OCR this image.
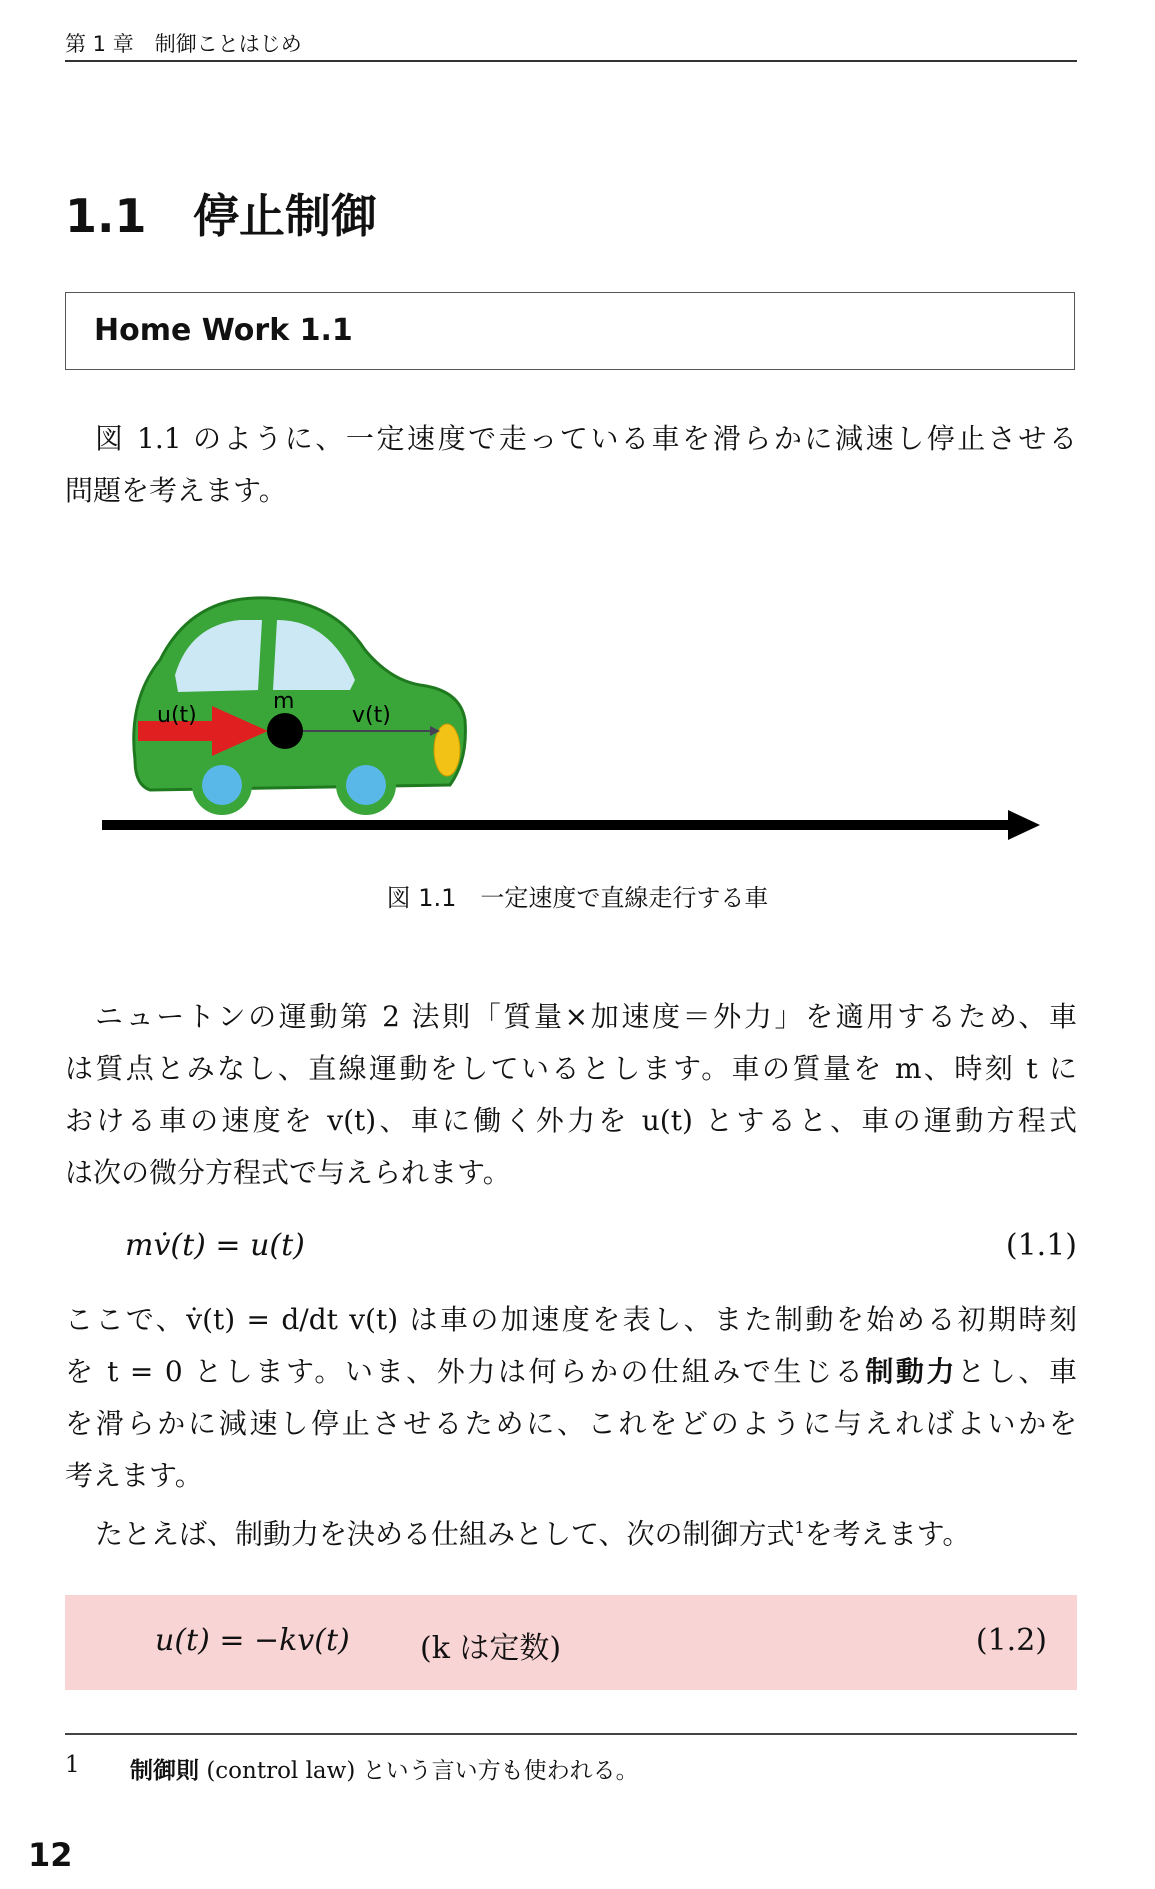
第 1 章　制御ことはじめ
1.1 停止制御
Home Work 1.1
図 1.1 のように、一定速度で走っている車を滑らかに減速し停止させる
問題を考えます。
u(t)
m
v(t)
図 1.1　 一定速度で直線走行する車
ニュートンの運動第 2 法則「質量×加速度＝外力」を適用するため、車
は質点とみなし、直線運動をしているとします。車の質量を m、時刻 t に
おける車の速度を v(t)、車に働く外力を u(t) とすると、車の運動方程式
は次の微分方程式で与えられます。
mv̇(t) = u(t)	(1.1)
ここで、v̇(t) = d/dt v(t) は車の加速度を表し、また制動を始める初期時刻
を t = 0 とします。いま、外力は何らかの仕組みで生じる制動力とし、車
を滑らかに減速し停止させるために、これをどのように与えればよいかを
考えます。
たとえば、制動力を決める仕組みとして、次の制御方式$^1$を考えます。
u(t) = −kv(t) (k は定数)	(1.2)
1 制御則 (control law) という言い方も使われる。
12
